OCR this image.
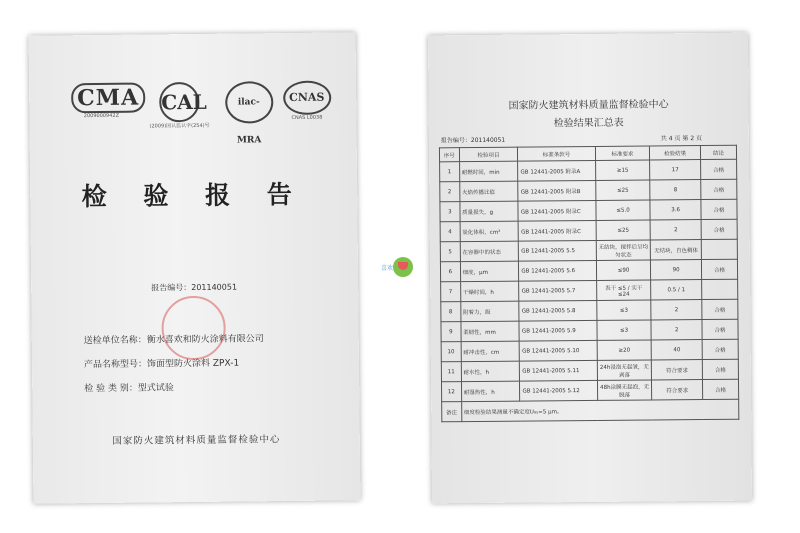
CMA
2009000942Z
CAL
(2009)国认监认字(254)号
ilac-MRA
CNAS
CNAS L0038
检 验 报 告
报告编号：201140051
送检单位名称：衡水喜欢和防火涂料有限公司
产品名称型号：饰面型防火涂料 ZPX-1
检 验 类 别：型式试验
国家防火建筑材料质量监督检验中心
喜欢
国家防火建筑材料质量监督检验中心
检验结果汇总表
报告编号：201140051	共 4 页 第 2 页
序号	检验项目	标准条款号	标准要求	检验结果	结论
1	耐燃时间，min	GB 12441-2005 附录A	≥15	17	合格
2	火焰传播比值	GB 12441-2005 附录B	≤25	8	合格
3	质量损失，g	GB 12441-2005 附录C	≤5.0	3.6	合格
4	炭化体积，cm³	GB 12441-2005 附录C	≤25	2	合格
5	在容器中的状态	GB 12441-2005 5.5	无结块，搅拌后呈均匀状态	无结块，自色稠体	
6	细度，μm	GB 12441-2005 5.6	≤90	90	合格
7	干燥时间，h	GB 12441-2005 5.7	表干 ≤5 / 实干 ≤24	0.5 / 1	
8	附着力，级	GB 12441-2005 5.8	≤3	2	合格
9	柔韧性，mm	GB 12441-2005 5.9	≤3	2	合格
10	耐冲击性，cm	GB 12441-2005 5.10	≥20	40	合格
11	耐水性，h	GB 12441-2005 5.11	24h浸泡无起皱，无剥落	符合要求	合格
12	耐湿热性，h	GB 12441-2005 5.12	48h涂膜无起泡，无脱落	符合要求	合格
备注	细度检验结果测量不确定度U₉₅=5 μm。				
